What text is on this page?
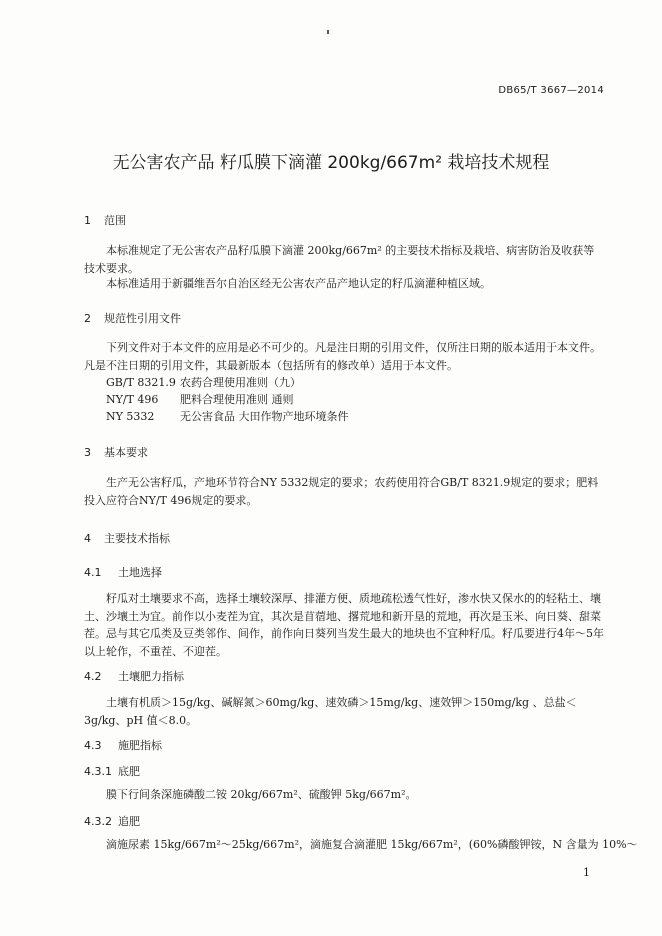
DB65/T 3667—2014
无公害农产品 籽瓜膜下滴灌 200kg/667m² 栽培技术规程
1 范围
本标准规定了无公害农产品籽瓜膜下滴灌 200kg/667m² 的主要技术指标及栽培、病害防治及收获等技术要求。
本标准适用于新疆维吾尔自治区经无公害农产品产地认定的籽瓜滴灌种植区域。
2 规范性引用文件
下列文件对于本文件的应用是必不可少的。凡是注日期的引用文件，仅所注日期的版本适用于本文件。凡是不注日期的引用文件，其最新版本（包括所有的修改单）适用于本文件。
GB/T 8321.9 农药合理使用准则（九）
NY/T 496 肥料合理使用准则 通则
NY 5332 无公害食品 大田作物产地环境条件
3 基本要求
生产无公害籽瓜，产地环节符合NY 5332规定的要求；农药使用符合GB/T 8321.9规定的要求；肥料投入应符合NY/T 496规定的要求。
4 主要技术指标
4.1 土地选择
籽瓜对土壤要求不高，选择土壤较深厚、排灌方便、质地疏松透气性好，渗水快又保水的的轻粘土、壤土、沙壤土为宜。前作以小麦茬为宜，其次是苜蓿地、撂荒地和新开垦的荒地，再次是玉米、向日葵、甜菜茬。忌与其它瓜类及豆类邻作、间作，前作向日葵列当发生最大的地块也不宜种籽瓜。籽瓜要进行4年～5年以上轮作，不重茬、不迎茬。
4.2 土壤肥力指标
土壤有机质＞15g/kg、碱解氮＞60mg/kg、速效磷＞15mg/kg、速效钾＞150mg/kg 、总盐＜3g/kg、pH 值＜8.0。
4.3 施肥指标
4.3.1 底肥
膜下行间条深施磷酸二铵 20kg/667m²、硫酸钾 5kg/667m²。
4.3.2 追肥
滴施尿素 15kg/667m²～25kg/667m²，滴施复合滴灌肥 15kg/667m²，(60%磷酸钾铵，N 含量为 10%～
1
